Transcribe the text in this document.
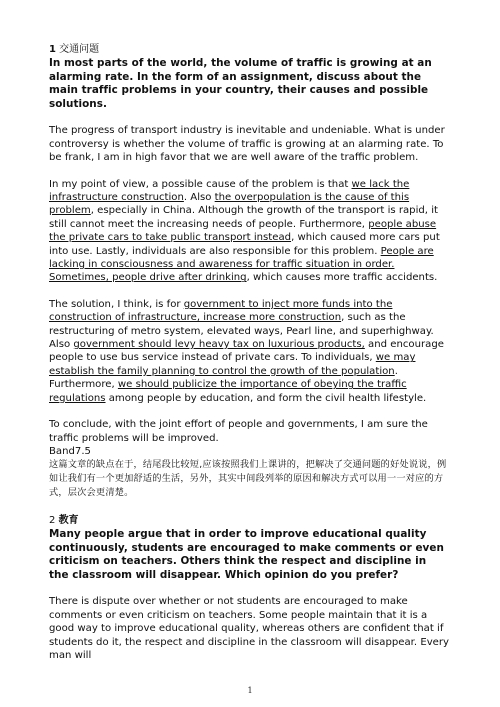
1 交通问题

In most parts of the world, the volume of traffic is growing at an alarming rate. In the form of an assignment, discuss about the main traffic problems in your country, their causes and possible solutions.

The progress of transport industry is inevitable and undeniable. What is under controversy is whether the volume of traffic is growing at an alarming rate. To be frank, I am in high favor that we are well aware of the traffic problem.

In my point of view, a possible cause of the problem is that we lack the infrastructure construction. Also the overpopulation is the cause of this problem, especially in China. Although the growth of the transport is rapid, it still cannot meet the increasing needs of people. Furthermore, people abuse the private cars to take public transport instead, which caused more cars put into use. Lastly, individuals are also responsible for this problem. People are lacking in consciousness and awareness for traffic situation in order. Sometimes, people drive after drinking, which causes more traffic accidents.

The solution, I think, is for government to inject more funds into the construction of infrastructure, increase more construction, such as the restructuring of metro system, elevated ways, Pearl line, and superhighway. Also government should levy heavy tax on luxurious products, and encourage people to use bus service instead of private cars. To individuals, we may establish the family planning to control the growth of the population. Furthermore, we should publicize the importance of obeying the traffic regulations among people by education, and form the civil health lifestyle.

To conclude, with the joint effort of people and governments, I am sure the traffic problems will be improved.

Band7.5

这篇文章的缺点在于，结尾段比较短,应该按照我们上课讲的，把解决了交通问题的好处说说，例如让我们有一个更加舒适的生活，另外，其实中间段列举的原因和解决方式可以用一一对应的方式，层次会更清楚。

2 教育

Many people argue that in order to improve educational quality continuously, students are encouraged to make comments or even criticism on teachers. Others think the respect and discipline in the classroom will disappear. Which opinion do you prefer?

There is dispute over whether or not students are encouraged to make comments or even criticism on teachers. Some people maintain that it is a good way to improve educational quality, whereas others are confident that if students do it, the respect and discipline in the classroom will disappear. Every man will

1
